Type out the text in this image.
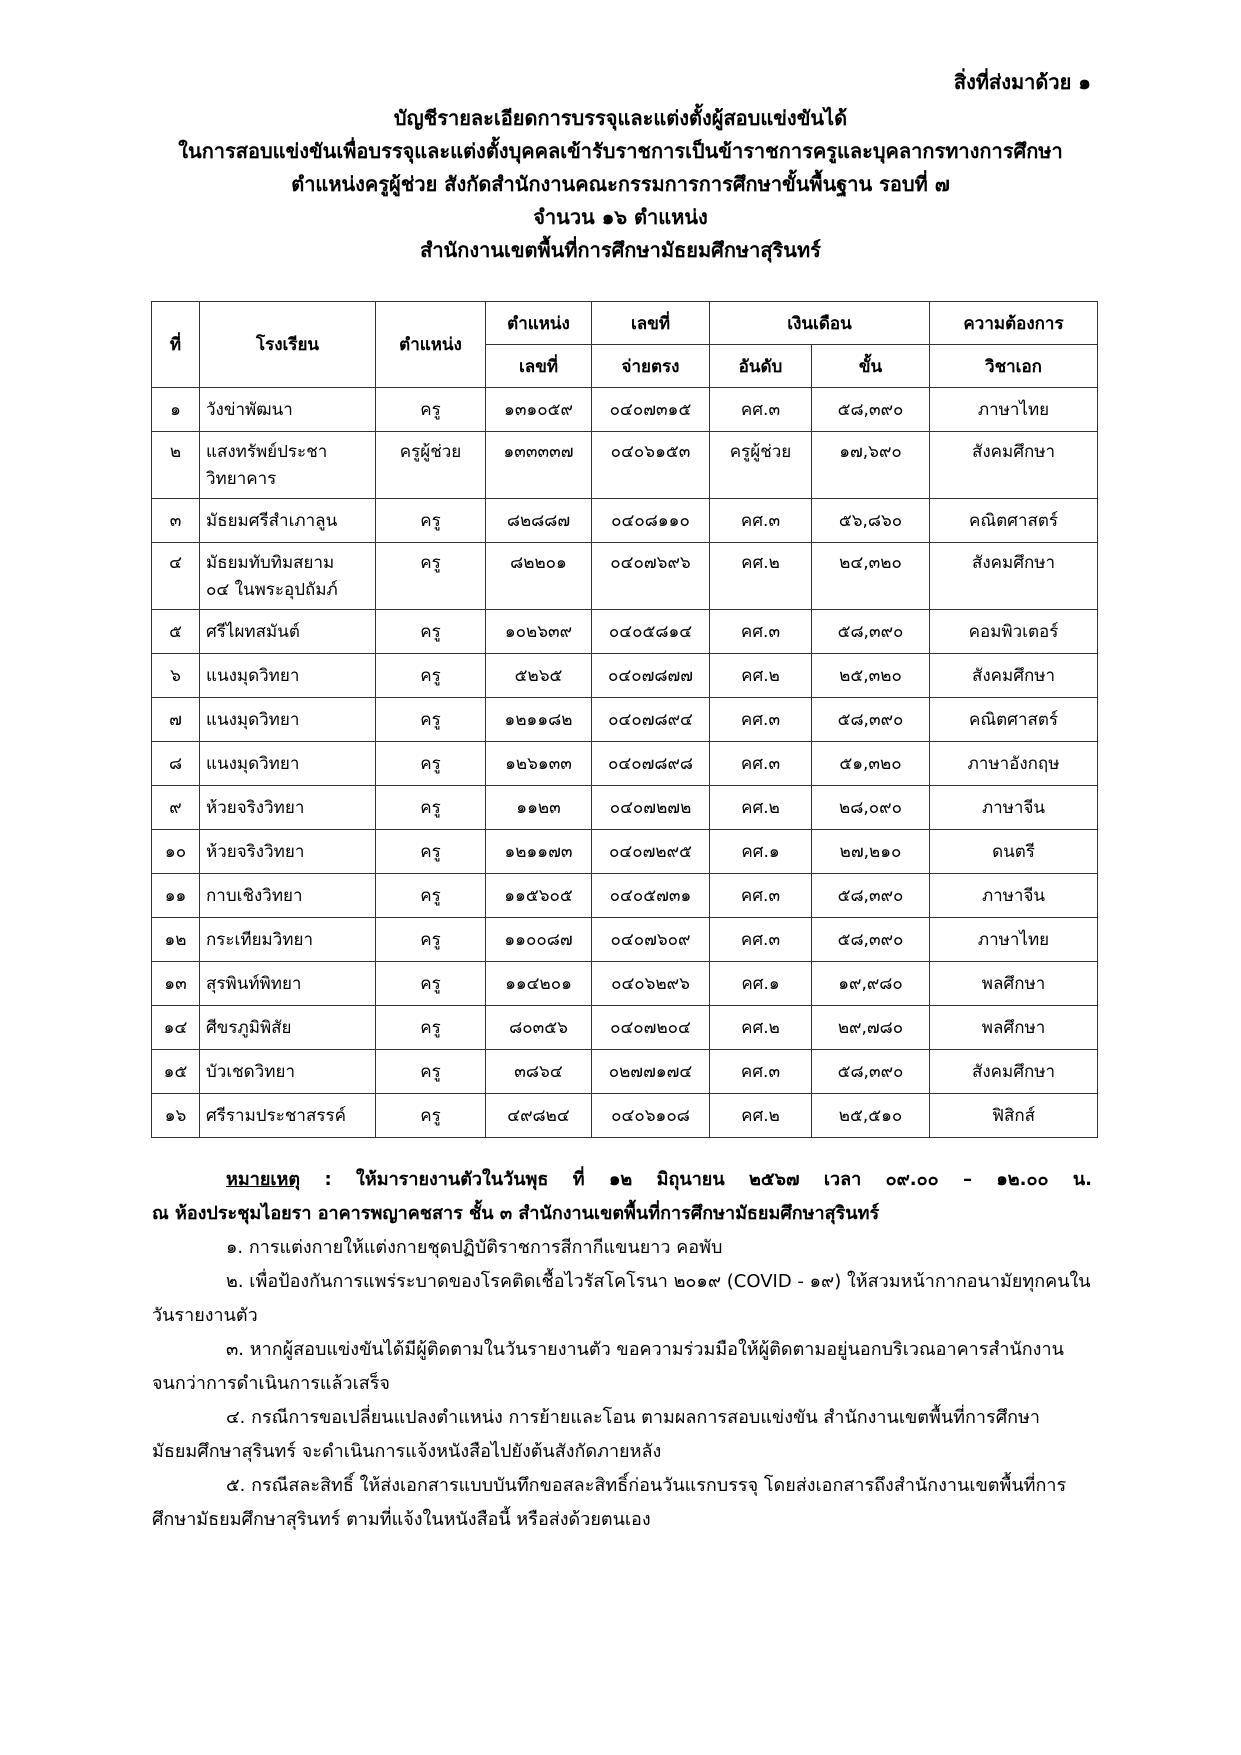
สิ่งที่ส่งมาด้วย ๑
บัญชีรายละเอียดการบรรจุและแต่งตั้งผู้สอบแข่งขันได้
ในการสอบแข่งขันเพื่อบรรจุและแต่งตั้งบุคคลเข้ารับราชการเป็นข้าราชการครูและบุคลากรทางการศึกษา
ตำแหน่งครูผู้ช่วย สังกัดสำนักงานคณะกรรมการการศึกษาขั้นพื้นฐาน รอบที่ ๗
จำนวน ๑๖ ตำแหน่ง
สำนักงานเขตพื้นที่การศึกษามัธยมศึกษาสุรินทร์
ที่	โรงเรียน	ตำแหน่ง	ตำแหน่ง	เลขที่	เงินเดือน		ความต้องการ
			เลขที่	จ่ายตรง	อันดับ	ขั้น	วิชาเอก
๑	วังข่าพัฒนา	ครู	๑๓๑๐๕๙	๐๔๐๗๓๑๕	คศ.๓	๕๘,๓๙๐	ภาษาไทย
๒	แสงทรัพย์ประชา
วิทยาคาร	ครูผู้ช่วย	๑๓๓๓๓๗	๐๔๐๖๑๕๓	ครูผู้ช่วย	๑๗,๖๙๐	สังคมศึกษา
๓	มัธยมศรีสำเภาลูน	ครู	๘๒๘๘๗	๐๔๐๘๑๑๐	คศ.๓	๕๖,๘๖๐	คณิตศาสตร์
๔	มัธยมทับทิมสยาม
๐๔ ในพระอุปถัมภ์	ครู	๘๒๒๐๑	๐๔๐๗๖๙๖	คศ.๒	๒๔,๓๒๐	สังคมศึกษา
๕	ศรีไผทสมันต์	ครู	๑๐๒๖๓๙	๐๔๐๕๘๑๔	คศ.๓	๕๘,๓๙๐	คอมพิวเตอร์
๖	แนงมุดวิทยา	ครู	๕๒๖๕	๐๔๐๗๘๗๗	คศ.๒	๒๕,๓๒๐	สังคมศึกษา
๗	แนงมุดวิทยา	ครู	๑๒๑๑๘๒	๐๔๐๗๘๙๔	คศ.๓	๕๘,๓๙๐	คณิตศาสตร์
๘	แนงมุดวิทยา	ครู	๑๒๖๑๓๓	๐๔๐๗๘๙๘	คศ.๓	๕๑,๓๒๐	ภาษาอังกฤษ
๙	ห้วยจริงวิทยา	ครู	๑๑๒๓	๐๔๐๗๒๗๒	คศ.๒	๒๘,๐๙๐	ภาษาจีน
๑๐	ห้วยจริงวิทยา	ครู	๑๒๑๑๗๓	๐๔๐๗๒๙๕	คศ.๑	๒๗,๒๑๐	ดนตรี
๑๑	กาบเชิงวิทยา	ครู	๑๑๕๖๐๕	๐๔๐๕๗๓๑	คศ.๓	๕๘,๓๙๐	ภาษาจีน
๑๒	กระเทียมวิทยา	ครู	๑๑๐๐๘๗	๐๔๐๗๖๐๙	คศ.๓	๕๘,๓๙๐	ภาษาไทย
๑๓	สุรพินท์พิทยา	ครู	๑๑๔๒๐๑	๐๔๐๖๒๙๖	คศ.๑	๑๙,๙๘๐	พลศึกษา
๑๔	ศีขรภูมิพิสัย	ครู	๘๐๓๕๖	๐๔๐๗๒๐๔	คศ.๒	๒๙,๗๘๐	พลศึกษา
๑๕	บัวเชดวิทยา	ครู	๓๘๖๔	๐๒๗๗๑๗๔	คศ.๓	๕๘,๓๙๐	สังคมศึกษา
๑๖	ศรีรามประชาสรรค์	ครู	๔๙๘๒๔	๐๔๐๖๑๐๘	คศ.๒	๒๕,๕๑๐	ฟิสิกส์
หมายเหตุ : ให้มารายงานตัวในวันพุธ ที่ ๑๒ มิถุนายน ๒๕๖๗ เวลา ๐๙.๐๐ – ๑๒.๐๐ น.
ณ ห้องประชุมไอยรา อาคารพญาคชสาร ชั้น ๓ สำนักงานเขตพื้นที่การศึกษามัธยมศึกษาสุรินทร์
๑. การแต่งกายให้แต่งกายชุดปฏิบัติราชการสีกากีแขนยาว คอพับ
๒. เพื่อป้องกันการแพร่ระบาดของโรคติดเชื้อไวรัสโคโรนา ๒๐๑๙ (COVID - ๑๙) ให้สวมหน้ากากอนามัยทุกคนในวันรายงานตัว
๓. หากผู้สอบแข่งขันได้มีผู้ติดตามในวันรายงานตัว ขอความร่วมมือให้ผู้ติดตามอยู่นอกบริเวณอาคารสำนักงานจนกว่าการดำเนินการแล้วเสร็จ
๔. กรณีการขอเปลี่ยนแปลงตำแหน่ง การย้ายและโอน ตามผลการสอบแข่งขัน สำนักงานเขตพื้นที่การศึกษามัธยมศึกษาสุรินทร์ จะดำเนินการแจ้งหนังสือไปยังต้นสังกัดภายหลัง
๕. กรณีสละสิทธิ์ ให้ส่งเอกสารแบบบันทึกขอสละสิทธิ์ก่อนวันแรกบรรจุ โดยส่งเอกสารถึงสำนักงานเขตพื้นที่การศึกษามัธยมศึกษาสุรินทร์ ตามที่แจ้งในหนังสือนี้ หรือส่งด้วยตนเอง
